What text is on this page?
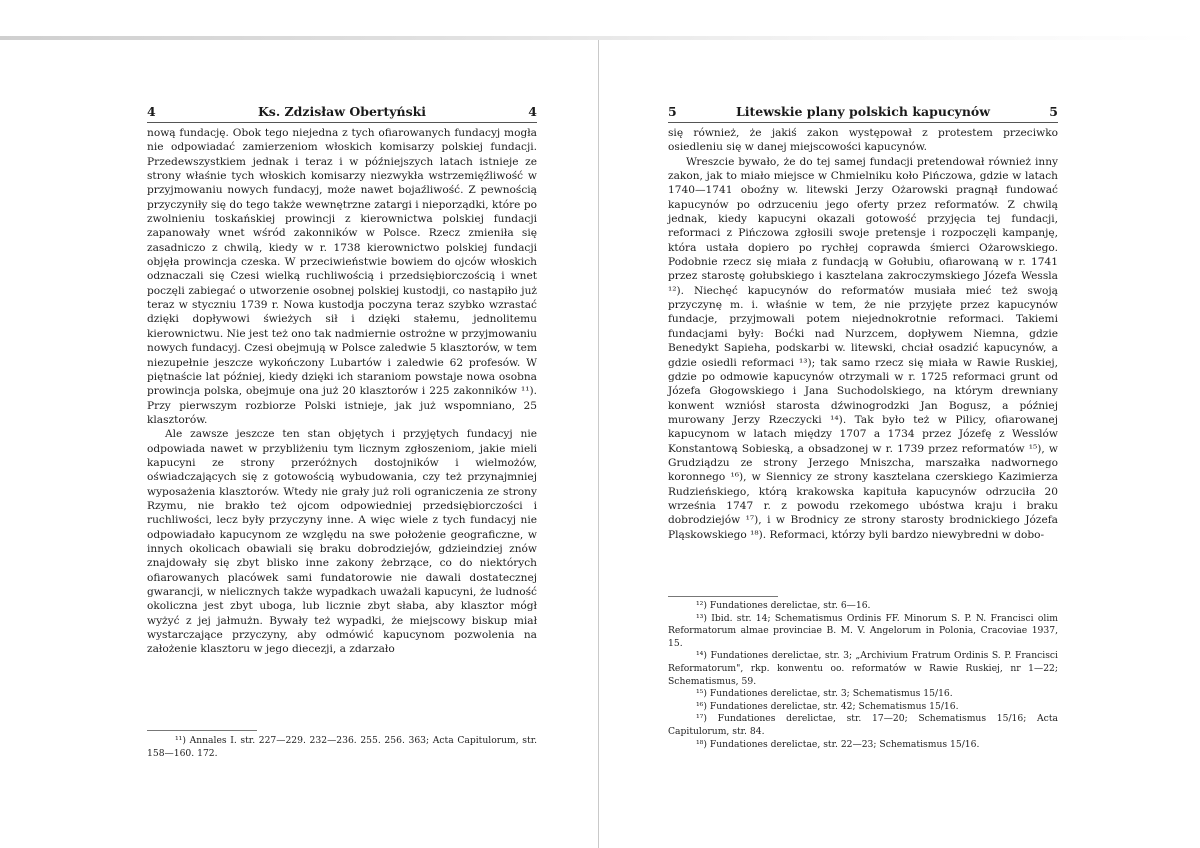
4	Ks. Zdzisław Obertyński	4

nową fundację. Obok tego niejedna z tych ofiarowanych fundacyj mogła nie odpowiadać zamierzeniom włoskich komisarzy polskiej fundacji. Przedewszystkiem jednak i teraz i w późniejszych latach istnieje ze strony właśnie tych włoskich komisarzy niezwykła wstrzemięźliwość w przyjmowaniu nowych fundacyj, może nawet bojaźliwość. Z pewnością przyczyniły się do tego także wewnętrzne zatargi i nieporządki, które po zwolnieniu toskańskiej prowincji z kierownictwa polskiej fundacji zapanowały wnet wśród zakonników w Polsce. Rzecz zmieniła się zasadniczo z chwilą, kiedy w r. 1738 kierownictwo polskiej fundacji objęła prowincja czeska. W przeciwieństwie bowiem do ojców włoskich odznaczali się Czesi wielką ruchliwością i przedsiębiorczością i wnet poczęli zabiegać o utworzenie osobnej polskiej kustodji, co nastąpiło już teraz w styczniu 1739 r. Nowa kustodja poczyna teraz szybko wzrastać dzięki dopływowi świeżych sił i dzięki stałemu, jednolitemu kierownictwu. Nie jest też ono tak nadmiernie ostrożne w przyjmowaniu nowych fundacyj. Czesi obejmują w Polsce zaledwie 5 klasztorów, w tem niezupełnie jeszcze wykończony Lubartów i zaledwie 62 profesów. W piętnaście lat później, kiedy dzięki ich staraniom powstaje nowa osobna prowincja polska, obejmuje ona już 20 klasztorów i 225 zakonników ¹¹). Przy pierwszym rozbiorze Polski istnieje, jak już wspomniano, 25 klasztorów.

Ale zawsze jeszcze ten stan objętych i przyjętych fundacyj nie odpowiada nawet w przybliżeniu tym licznym zgłoszeniom, jakie mieli kapucyni ze strony przeróżnych dostojników i wielmożów, oświadczających się z gotowością wybudowania, czy też przynajmniej wyposażenia klasztorów. Wtedy nie grały już roli ograniczenia ze strony Rzymu, nie brakło też ojcom odpowiedniej przedsiębiorczości i ruchliwości, lecz były przyczyny inne. A więc wiele z tych fundacyj nie odpowiadało kapucynom ze względu na swe położenie geograficzne, w innych okolicach obawiali się braku dobrodziejów, gdzieindziej znów znajdowały się zbyt blisko inne zakony żebrzące, co do niektórych ofiarowanych placówek sami fundatorowie nie dawali dostatecznej gwarancji, w nielicznych także wypadkach uważali kapucyni, że ludność okoliczna jest zbyt uboga, lub licznie zbyt słaba, aby klasztor mógł wyżyć z jej jałmużn. Bywały też wypadki, że miejscowy biskup miał wystarczające przyczyny, aby odmówić kapucynom pozwolenia na założenie klasztoru w jego diecezji, a zdarzało

¹¹) Annales I. str. 227—229. 232—236. 255. 256. 363; Acta Capitulorum, str. 158—160. 172.

5	Litewskie plany polskich kapucynów	5

się również, że jakiś zakon występował z protestem przeciwko osiedleniu się w danej miejscowości kapucynów.

Wreszcie bywało, że do tej samej fundacji pretendował również inny zakon, jak to miało miejsce w Chmielniku koło Pińczowa, gdzie w latach 1740—1741 oboźny w. litewski Jerzy Ożarowski pragnął fundować kapucynów po odrzuceniu jego oferty przez reformatów. Z chwilą jednak, kiedy kapucyni okazali gotowość przyjęcia tej fundacji, reformaci z Pińczowa zgłosili swoje pretensje i rozpoczęli kampanję, która ustała dopiero po rychłej coprawda śmierci Ożarowskiego. Podobnie rzecz się miała z fundacją w Gołubiu, ofiarowaną w r. 1741 przez starostę gołubskiego i kasztelana zakroczymskiego Józefa Wessla ¹²). Niechęć kapucynów do reformatów musiała mieć też swoją przyczynę m. i. właśnie w tem, że nie przyjęte przez kapucynów fundacje, przyjmowali potem niejednokrotnie reformaci. Takiemi fundacjami były: Boćki nad Nurzcem, dopływem Niemna, gdzie Benedykt Sapieha, podskarbi w. litewski, chciał osadzić kapucynów, a gdzie osiedli reformaci ¹³); tak samo rzecz się miała w Rawie Ruskiej, gdzie po odmowie kapucynów otrzymali w r. 1725 reformaci grunt od Józefa Głogowskiego i Jana Suchodolskiego, na którym drewniany konwent wzniósł starosta dźwinogrodzki Jan Bogusz, a później murowany Jerzy Rzeczycki ¹⁴). Tak było też w Pilicy, ofiarowanej kapucynom w latach między 1707 a 1734 przez Józefę z Wesslów Konstantową Sobieską, a obsadzonej w r. 1739 przez reformatów ¹⁵), w Grudziądzu ze strony Jerzego Mniszcha, marszałka nadwornego koronnego ¹⁶), w Siennicy ze strony kasztelana czerskiego Kazimierza Rudzieńskiego, którą krakowska kapituła kapucynów odrzuciła 20 września 1747 r. z powodu rzekomego ubóstwa kraju i braku dobrodziejów ¹⁷), i w Brodnicy ze strony starosty brodnickiego Józefa Pląskowskiego ¹⁸). Reformaci, którzy byli bardzo niewybredni w dobo-

¹²) Fundationes derelictae, str. 6—16.

¹³) Ibid. str. 14; Schematismus Ordinis FF. Minorum S. P. N. Francisci olim Reformatorum almae provinciae B. M. V. Angelorum in Polonia, Cracoviae 1937, 15.

¹⁴) Fundationes derelictae, str. 3; „Archivium Fratrum Ordinis S. P. Francisci Reformatorum", rkp. konwentu oo. reformatów w Rawie Ruskiej, nr 1—22; Schematismus, 59.

¹⁵) Fundationes derelictae, str. 3; Schematismus 15/16.

¹⁶) Fundationes derelictae, str. 42; Schematismus 15/16.

¹⁷) Fundationes derelictae, str. 17—20; Schematismus 15/16; Acta Capitulorum, str. 84.

¹⁸) Fundationes derelictae, str. 22—23; Schematismus 15/16.
